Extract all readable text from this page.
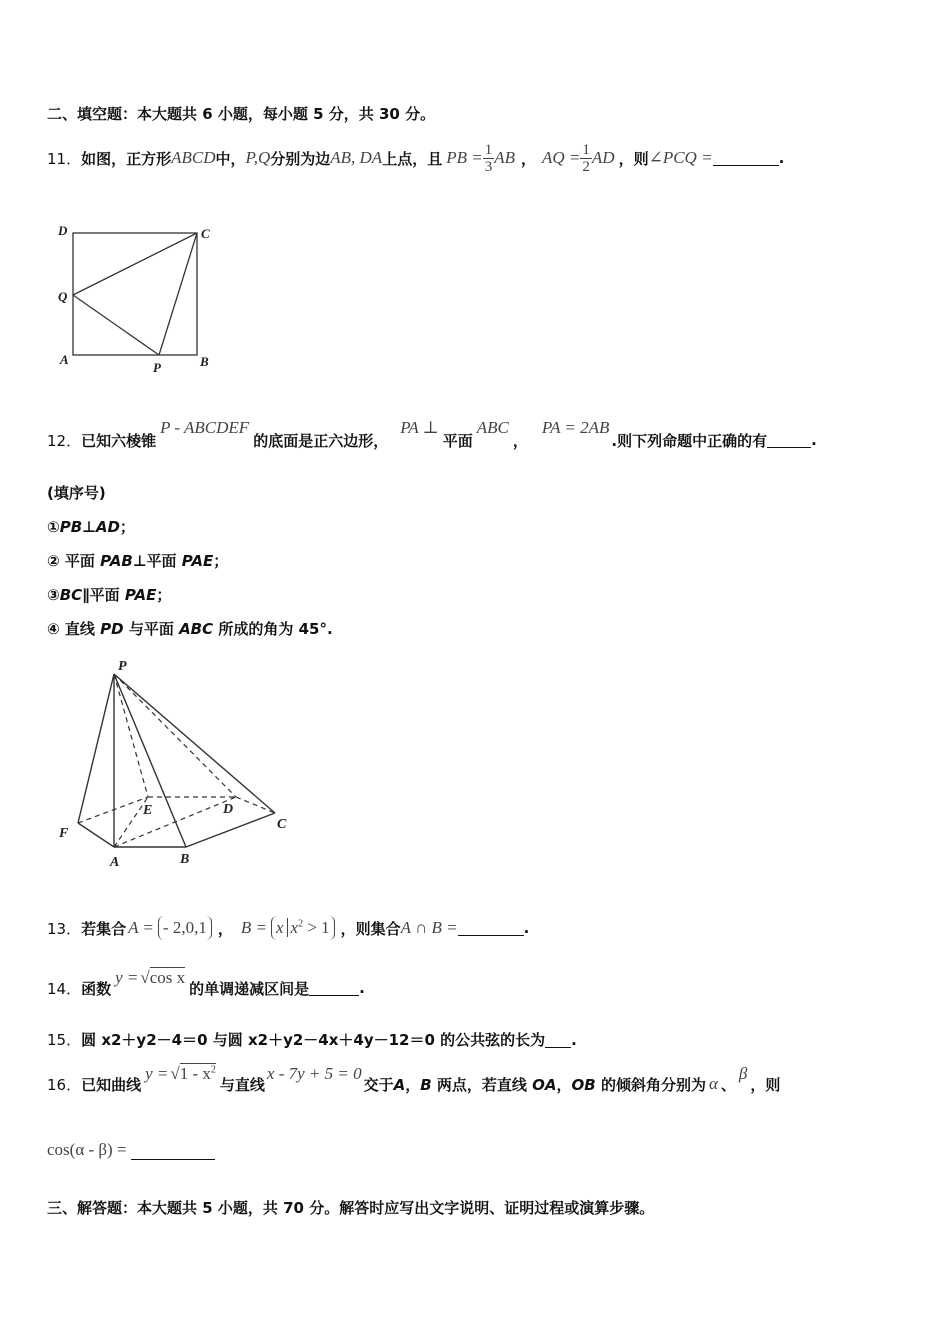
二、填空题：本大题共 6 小题，每小题 5 分，共 30 分。
11． 如图，正方形 ABCD 中， P,Q 分别为边 AB, DA 上点，且 PB = $\frac{1}{3}$ AB ， AQ = $\frac{1}{2}$ AD ，则 ∠PCQ =	.
D	C
Q
A
P	B
12． 已知六棱锥
P - ABCDEF
的底面是正六边形，
PA ⊥
平面
ABC
，
PA = 2AB
.则下列命题中正确的有	.
(填序号)
①PB⊥AD；
② 平面 PAB⊥平面 PAE；
③BC∥平面 PAE；
④ 直线 PD 与平面 ABC 所成的角为 45°.
P
E	D
C
F
A	B
13． 若集合 A = - 2,0,1 ， B = x $x^2 > 1$ ，则集合 A ∩ B =	.
14． 函数
y = √cos x
的单调递减区间是	.
15． 圆 x2＋y2－4＝0 与圆 x2＋y2－4x＋4y－12＝0 的公共弦的长为 .
16． 已知曲线
$y = √1 - x^2$
与直线
x - 7y + 5 = 0
交于 A，B 两点，若直线 OA，OB 的倾斜角分别为 α 、
β
，则
cos(α - β) =
三、解答题：本大题共 5 小题，共 70 分。解答时应写出文字说明、证明过程或演算步骤。
